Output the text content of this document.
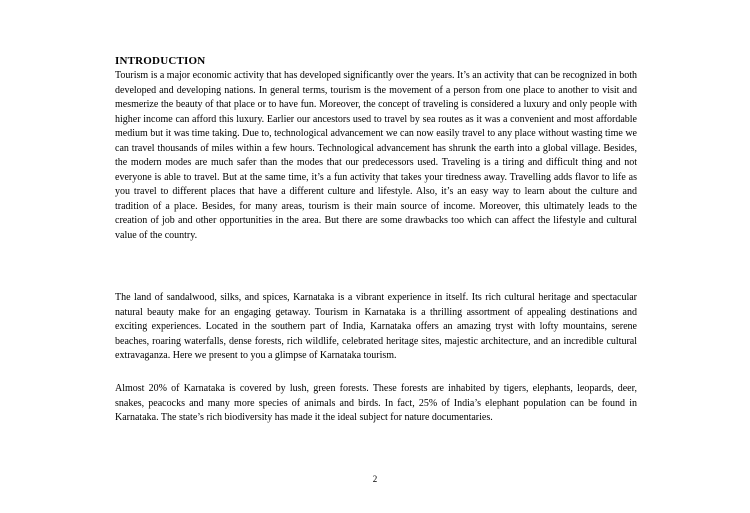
INTRODUCTION

Tourism is a major economic activity that has developed significantly over the years. It’s an activity that can be recognized in both developed and developing nations. In general terms, tourism is the movement of a person from one place to another to visit and mesmerize the beauty of that place or to have fun. Moreover, the concept of traveling is considered a luxury and only people with higher income can afford this luxury. Earlier our ancestors used to travel by sea routes as it was a convenient and most affordable medium but it was time taking. Due to, technological advancement we can now easily travel to any place without wasting time we can travel thousands of miles within a few hours. Technological advancement has shrunk the earth into a global village. Besides, the modern modes are much safer than the modes that our predecessors used. Traveling is a tiring and difficult thing and not everyone is able to travel. But at the same time, it’s a fun activity that takes your tiredness away. Travelling adds flavor to life as you travel to different places that have a different culture and lifestyle. Also, it’s an easy way to learn about the culture and tradition of a place. Besides, for many areas, tourism is their main source of income. Moreover, this ultimately leads to the creation of job and other opportunities in the area. But there are some drawbacks too which can affect the lifestyle and cultural value of the country.

The land of sandalwood, silks, and spices, Karnataka is a vibrant experience in itself. Its rich cultural heritage and spectacular natural beauty make for an engaging getaway. Tourism in Karnataka is a thrilling assortment of appealing destinations and exciting experiences. Located in the southern part of India, Karnataka offers an amazing tryst with lofty mountains, serene beaches, roaring waterfalls, dense forests, rich wildlife, celebrated heritage sites, majestic architecture, and an incredible cultural extravaganza. Here we present to you a glimpse of Karnataka tourism.

Almost 20% of Karnataka is covered by lush, green forests. These forests are inhabited by tigers, elephants, leopards, deer, snakes, peacocks and many more species of animals and birds. In fact, 25% of India’s elephant population can be found in Karnataka. The state’s rich biodiversity has made it the ideal subject for nature documentaries.

2
